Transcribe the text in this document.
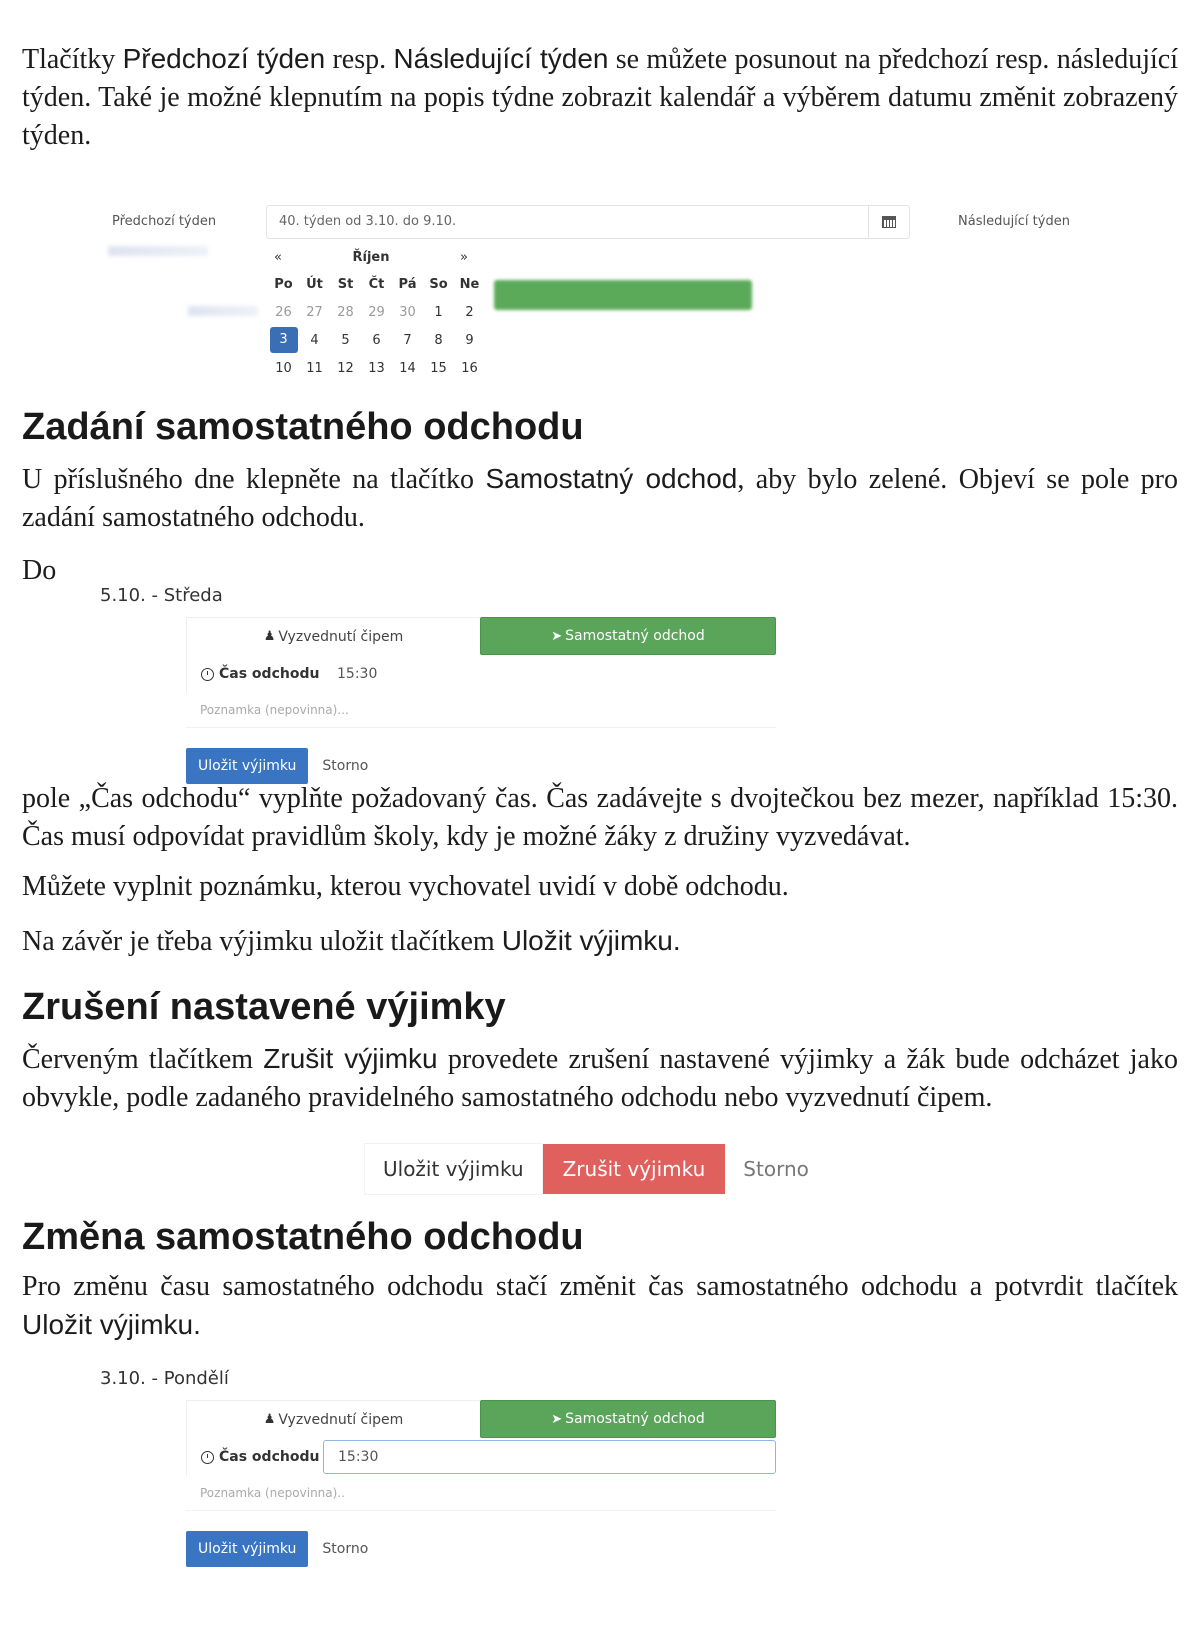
Tlačítky Předchozí týden resp. Následující týden se můžete posunout na předchozí resp. následující týden. Také je možné klepnutím na popis týdne zobrazit kalendář a výběrem datumu změnit zobrazený týden.

Předchozí týden	40. týden od 3.10. do 9.10.	Následující týden
«	Říjen	»
Po	Út	St	Čt	Pá	So	Ne
26	27	28	29	30	1	2
3	4	5	6	7	8	9
10	11	12	13	14	15	16
Zadání samostatného odchodu

U příslušného dne klepněte na tlačítko Samostatný odchod, aby bylo zelené. Objeví se pole pro zadání samostatného odchodu.

Do

5.10. - Středa
♟ Vyzvednutí čipem	➤ Samostatný odchod
Čas odchodu	15:30
Poznamka (nepovinna)...
Uložit výjimku	Storno

pole „Čas odchodu“ vyplňte požadovaný čas. Čas zadávejte s dvojtečkou bez mezer, například 15:30. Čas musí odpovídat pravidlům školy, kdy je možné žáky z družiny vyzvedávat.

Můžete vyplnit poznámku, kterou vychovatel uvidí v době odchodu.

Na závěr je třeba výjimku uložit tlačítkem Uložit výjimku.

Zrušení nastavené výjimky

Červeným tlačítkem Zrušit výjimku provedete zrušení nastavené výjimky a žák bude odcházet jako obvykle, podle zadaného pravidelného samostatného odchodu nebo vyzvednutí čipem.

Uložit výjimku	Zrušit výjimku	Storno
Změna samostatného odchodu

Pro změnu času samostatného odchodu stačí změnit čas samostatného odchodu a potvrdit tlačítek Uložit výjimku.

3.10. - Pondělí
♟ Vyzvednutí čipem	➤ Samostatný odchod
Čas odchodu	15:30
Poznamka (nepovinna)..
Uložit výjimku	Storno
